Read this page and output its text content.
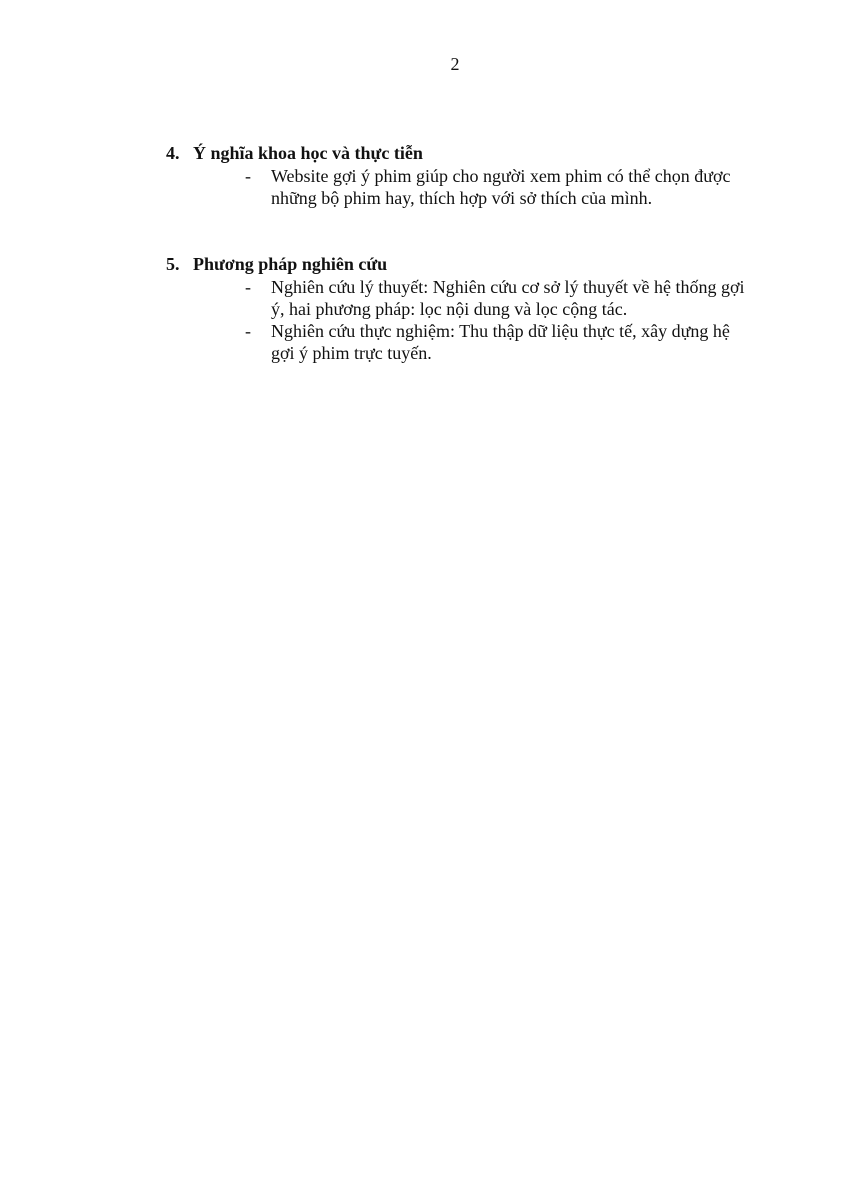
2
4. Ý nghĩa khoa học và thực tiễn
- Website gợi ý phim giúp cho người xem phim có thể chọn được những bộ phim hay, thích hợp với sở thích của mình.
5. Phương pháp nghiên cứu
- Nghiên cứu lý thuyết: Nghiên cứu cơ sở lý thuyết về hệ thống gợi ý, hai phương pháp: lọc nội dung và lọc cộng tác.
- Nghiên cứu thực nghiệm: Thu thập dữ liệu thực tế, xây dựng hệ gợi ý phim trực tuyến.
